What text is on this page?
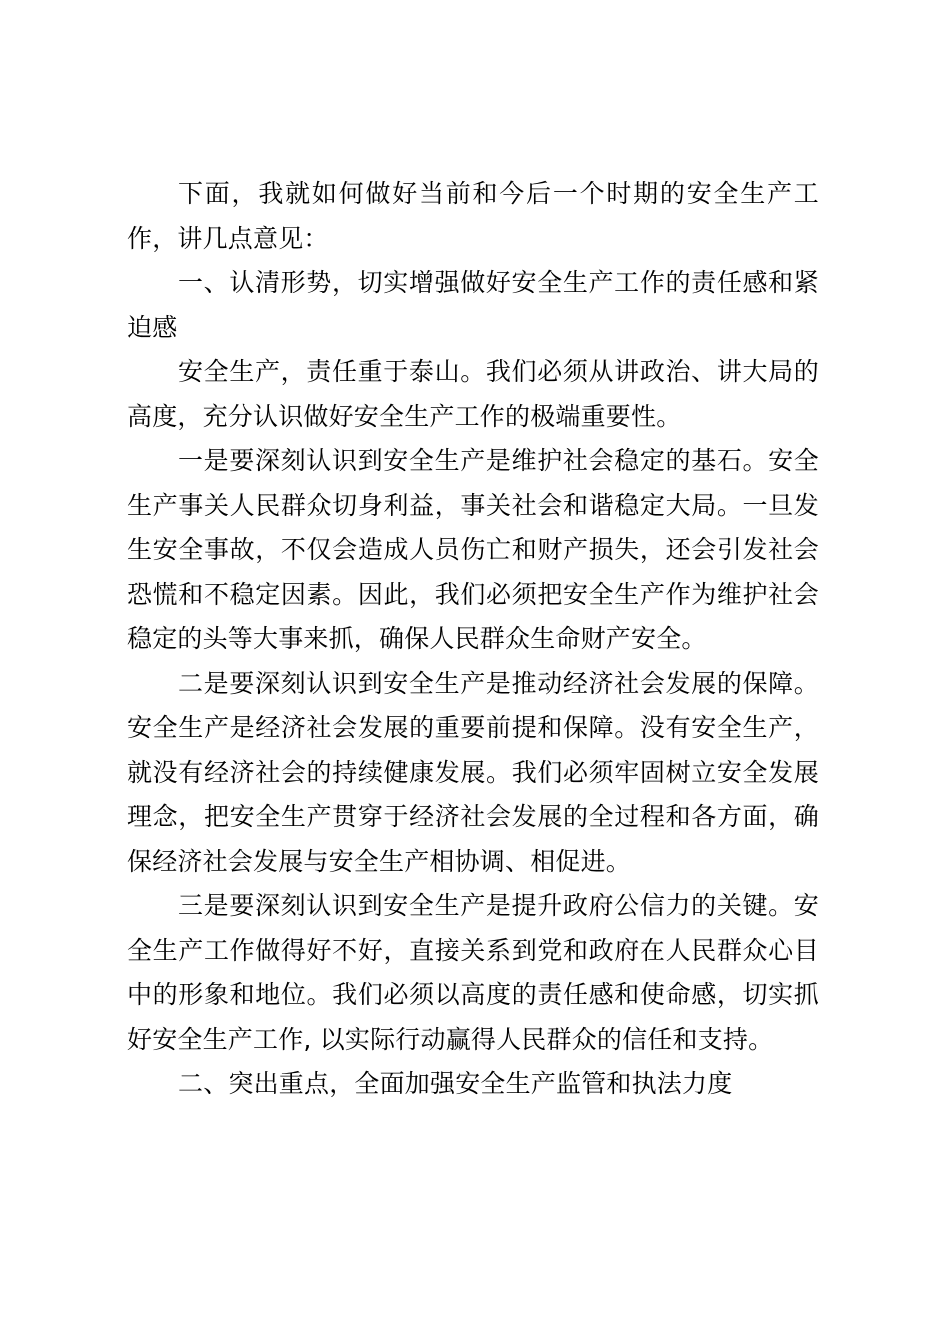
下面，我就如何做好当前和今后一个时期的安全生产工作，讲几点意见：

一、认清形势，切实增强做好安全生产工作的责任感和紧迫感

安全生产，责任重于泰山。我们必须从讲政治、讲大局的高度，充分认识做好安全生产工作的极端重要性。

一是要深刻认识到安全生产是维护社会稳定的基石。安全生产事关人民群众切身利益，事关社会和谐稳定大局。一旦发生安全事故，不仅会造成人员伤亡和财产损失，还会引发社会恐慌和不稳定因素。因此，我们必须把安全生产作为维护社会稳定的头等大事来抓，确保人民群众生命财产安全。

二是要深刻认识到安全生产是推动经济社会发展的保障。安全生产是经济社会发展的重要前提和保障。没有安全生产，就没有经济社会的持续健康发展。我们必须牢固树立安全发展理念，把安全生产贯穿于经济社会发展的全过程和各方面，确保经济社会发展与安全生产相协调、相促进。

三是要深刻认识到安全生产是提升政府公信力的关键。安全生产工作做得好不好，直接关系到党和政府在人民群众心目中的形象和地位。我们必须以高度的责任感和使命感，切实抓好安全生产工作, 以实际行动赢得人民群众的信任和支持。

二、突出重点，全面加强安全生产监管和执法力度
